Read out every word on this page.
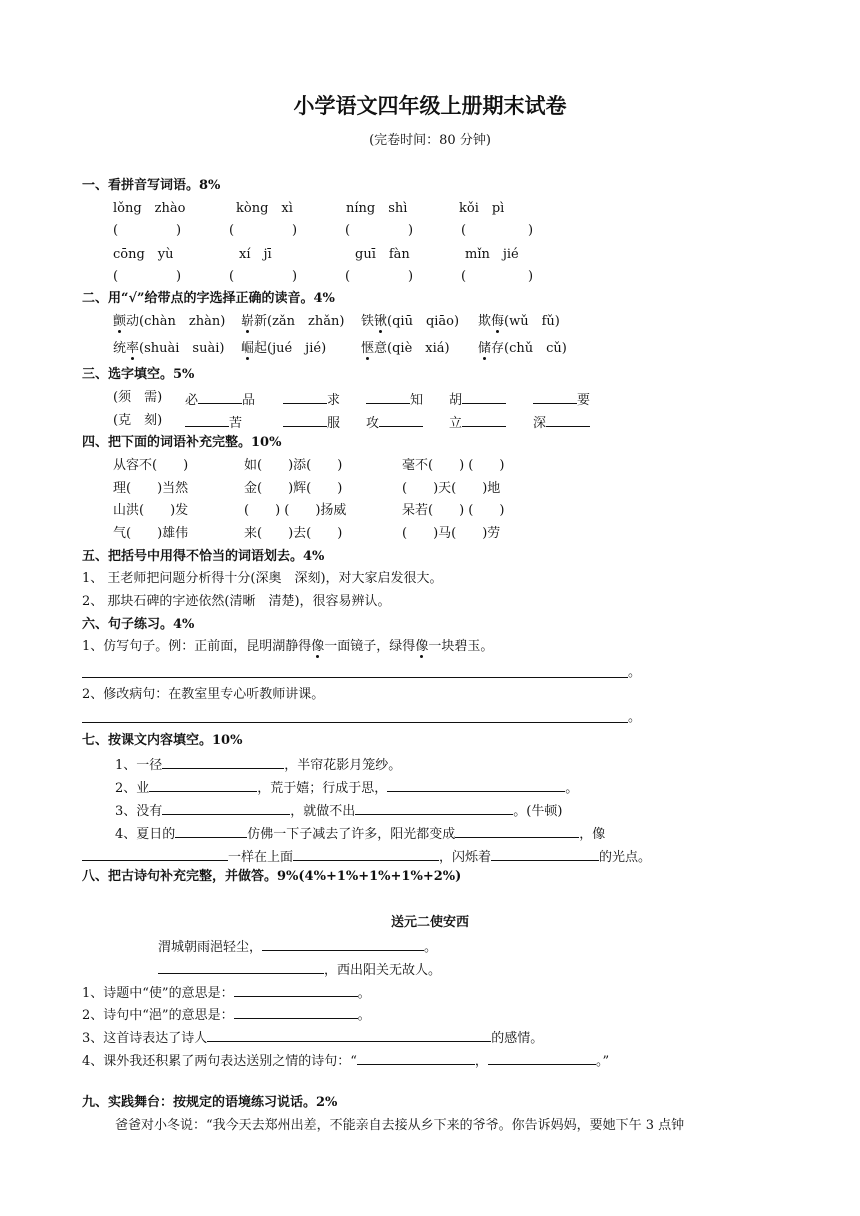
小学语文四年级上册期末试卷
(完卷时间：80 分钟)
一、看拼音写词语。8%
lǒng　zhào	kòng　xì	níng　shì	kǒi　pì
(	)	(	)	(	)	(	)
cōng　yù	xí　jī	guī　fàn	mǐn　jié
(	)	(	)	(	)	(	)
二、用“√”给带点的字选择正确的读音。4%
颤动(chàn　zhàn) 崭新(zǎn　zhǎn) 铁锹(qiū　qiāo) 欺侮(wǔ　fǔ)
统率(shuài　suài) 崛起(jué　jié)	惬意(qiè　xiá) 储存(chǔ　cǔ)
三、选字填空。5%
(须　需) 必	品	求	知 胡	要
(克　刻)	苦	服 攻	立	深
四、把下面的词语补充完整。10%
从容不(　　)	如(　　)添(　　)	毫不(　　) (　　)
理(　　)当然	金(　　)辉(　　)	(　　)天(　　)地
山洪(　　)发	(　　) (　　)扬威	呆若(　　) (　　)
气(　　)雄伟	来(　　)去(　　)	(　　)马(　　)劳
五、把括号中用得不恰当的词语划去。4%
1、 王老师把问题分析得十分(深奥　深刻)，对大家启发很大。
2、 那块石碑的字迹依然(清晰　清楚)，很容易辨认。
六、句子练习。4%
1、仿写句子。例：正前面，昆明湖静得像一面镜子，绿得像一块碧玉。
。
2、修改病句：在教室里专心听教师讲课。
。
七、按课文内容填空。10%
1、一径	，半帘花影月笼纱。
2、业	，荒于嬉；行成于思，	。
3、没有	，就做不出	。(牛顿)
4、夏日的	仿佛一下子减去了许多，阳光都变成	，像
一样在上面	，闪烁着	的光点。
八、把古诗句补充完整，并做答。9%(4%+1%+1%+1%+2%)
送元二使安西
渭城朝雨浥轻尘，	。
，西出阳关无故人。
1、诗题中“使”的意思是：	。
2、诗句中“浥”的意思是：	。
3、这首诗表达了诗人	的感情。
4、课外我还积累了两句表达送别之情的诗句：“	，	。”
九、实践舞台：按规定的语境练习说话。2%
爸爸对小冬说：“我今天去郑州出差，不能亲自去接从乡下来的爷爷。你告诉妈妈，要她下午 3 点钟
